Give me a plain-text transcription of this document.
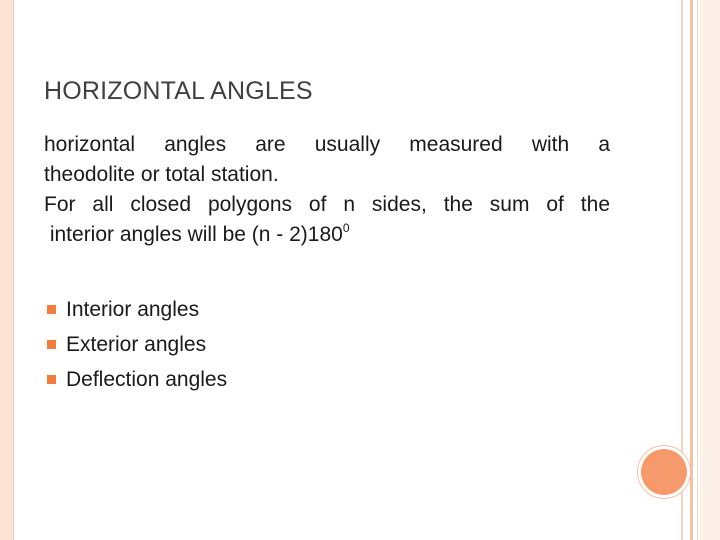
HORIZONTAL ANGLES

horizontal angles are usually measured with a
theodolite or total station.

For all closed polygons of n sides, the sum of the
interior angles will be $(n - 2)180^0$

Interior angles
Exterior angles
Deflection angles
